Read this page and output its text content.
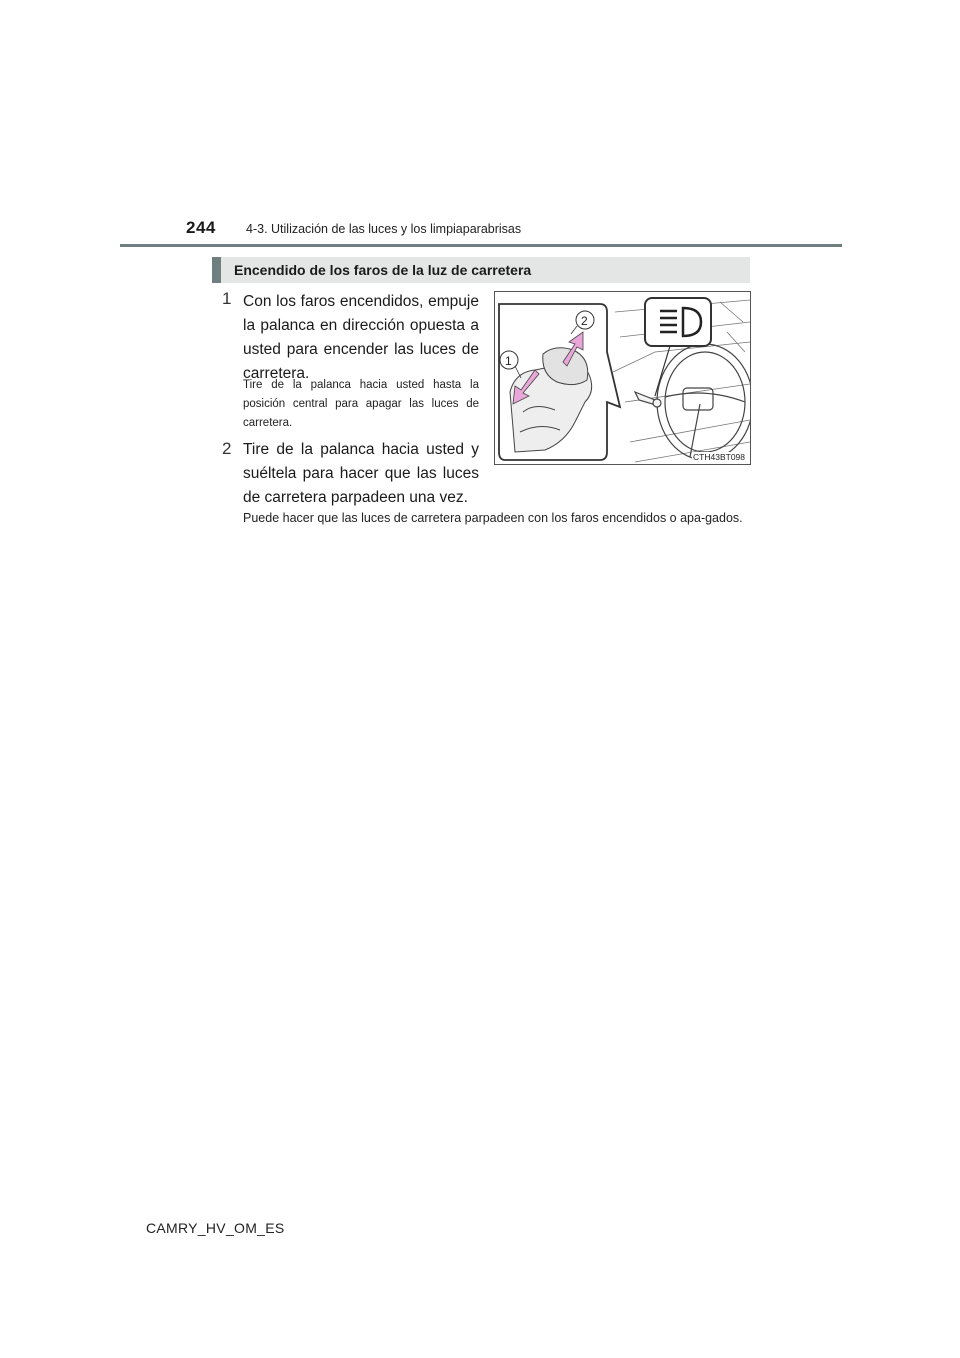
244 4-3. Utilización de las luces y los limpiaparabrisas
Encendido de los faros de la luz de carretera
1 Con los faros encendidos, empuje la palanca en dirección opuesta a usted para encender las luces de carretera.
Tire de la palanca hacia usted hasta la posición central para apagar las luces de carretera.
2 Tire de la palanca hacia usted y suéltela para hacer que las luces de carretera parpadeen una vez.
Puede hacer que las luces de carretera parpadeen con los faros encendidos o apa-gados.
2
1
CTH43BT098
CAMRY_HV_OM_ES
